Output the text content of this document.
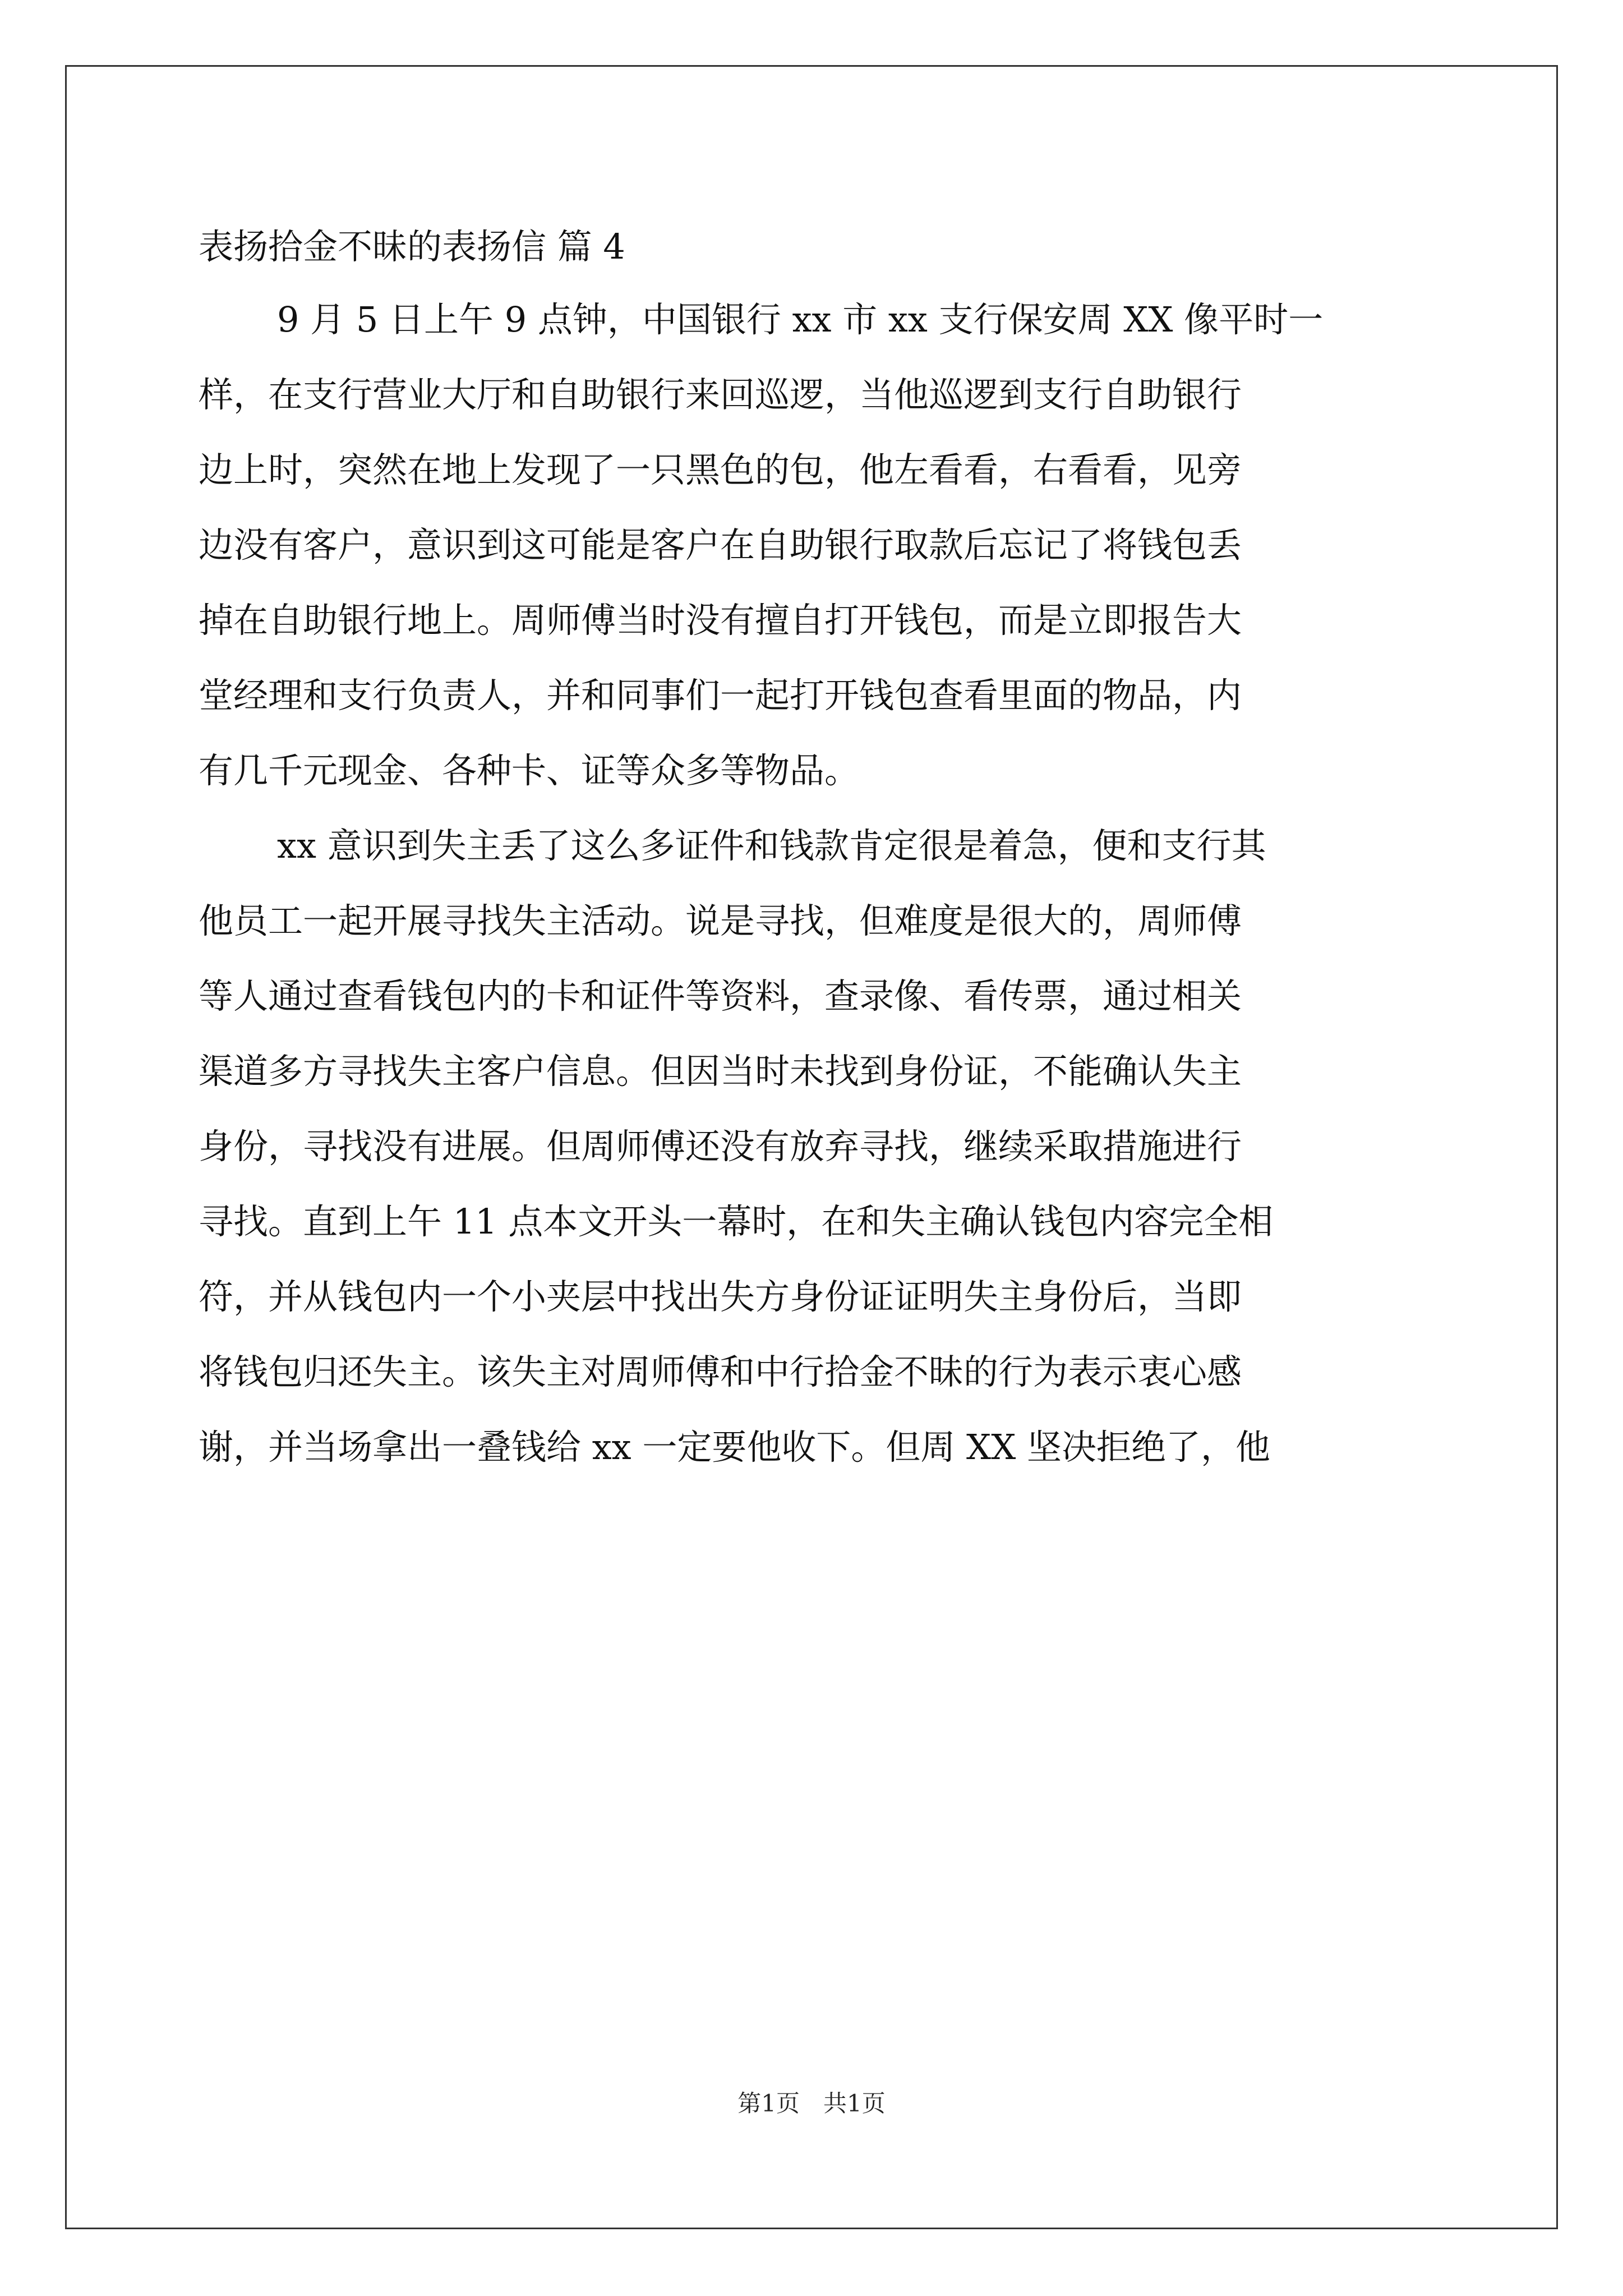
表扬拾金不昧的表扬信 篇 4
9 月 5 日上午 9 点钟，中国银行 xx 市 xx 支行保安周 XX 像平时一
样，在支行营业大厅和自助银行来回巡逻，当他巡逻到支行自助银行
边上时，突然在地上发现了一只黑色的包，他左看看，右看看，见旁
边没有客户，意识到这可能是客户在自助银行取款后忘记了将钱包丢
掉在自助银行地上。周师傅当时没有擅自打开钱包，而是立即报告大
堂经理和支行负责人，并和同事们一起打开钱包查看里面的物品，内
有几千元现金、各种卡、证等众多等物品。
xx 意识到失主丢了这么多证件和钱款肯定很是着急，便和支行其
他员工一起开展寻找失主活动。说是寻找，但难度是很大的，周师傅
等人通过查看钱包内的卡和证件等资料，查录像、看传票，通过相关
渠道多方寻找失主客户信息。但因当时未找到身份证，不能确认失主
身份，寻找没有进展。但周师傅还没有放弃寻找，继续采取措施进行
寻找。直到上午 11 点本文开头一幕时，在和失主确认钱包内容完全相
符，并从钱包内一个小夹层中找出失方身份证证明失主身份后，当即
将钱包归还失主。该失主对周师傅和中行拾金不昧的行为表示衷心感
谢，并当场拿出一叠钱给 xx 一定要他收下。但周 XX 坚决拒绝了，他
第1页　共1页
